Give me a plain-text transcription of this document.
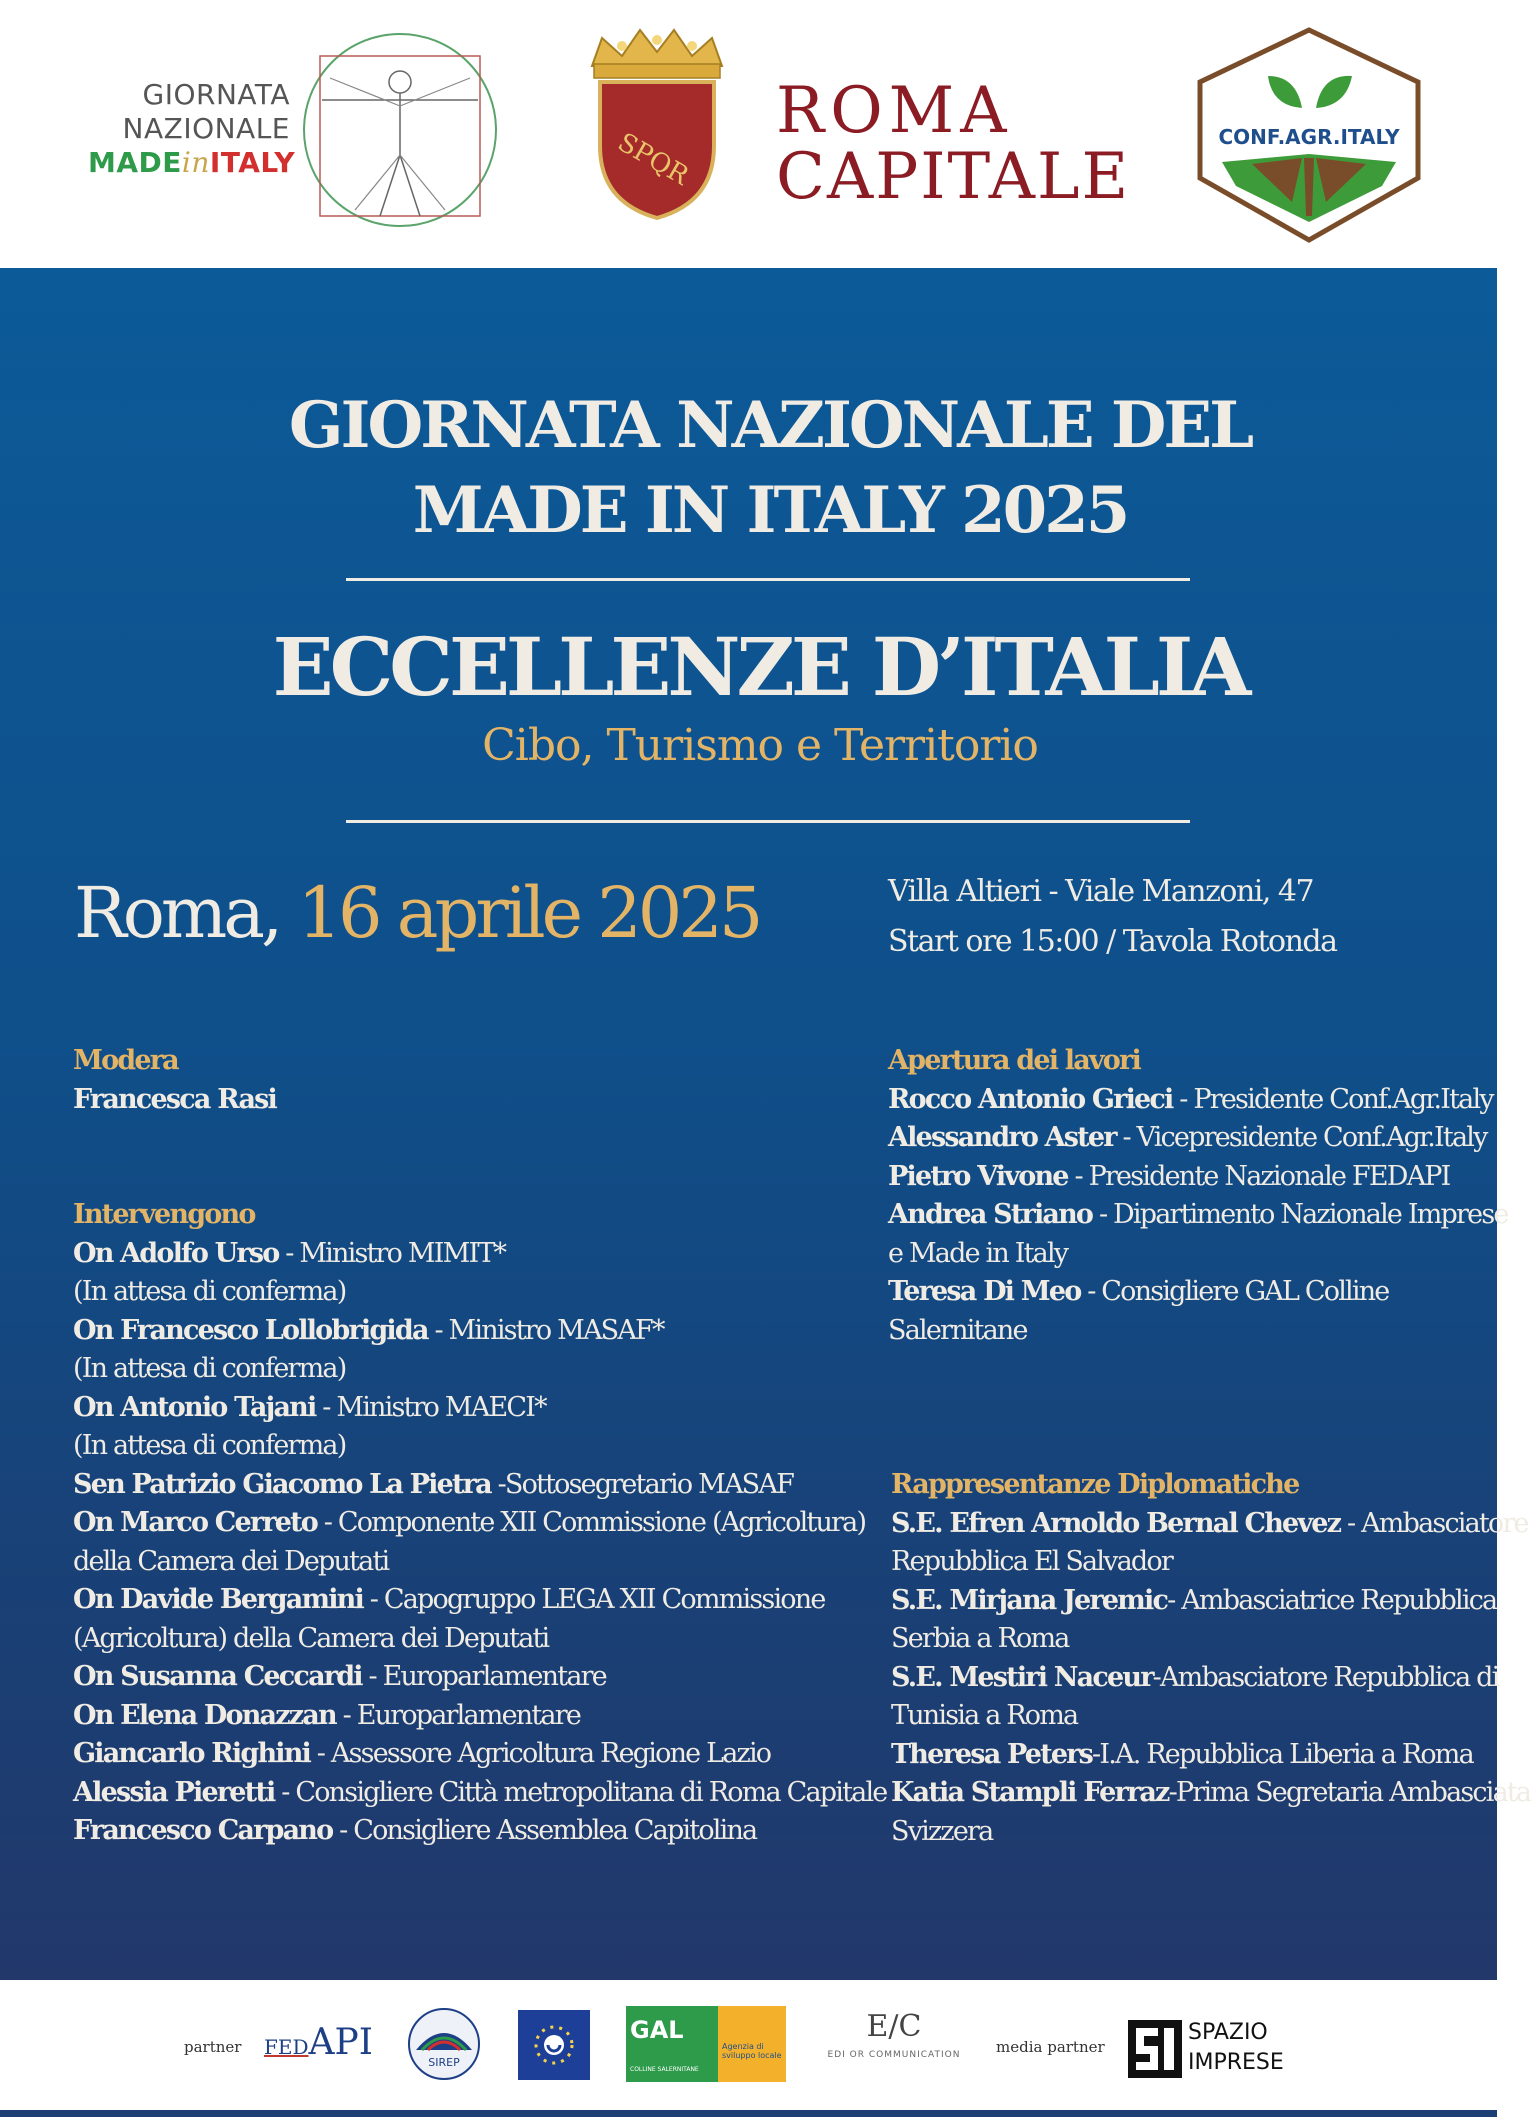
GIORNATA
NAZIONALE
MADEinITALY	SPQR
ROMA
CAPITALE
CONF.AGR.ITALY
GIORNATA NAZIONALE DEL
MADE IN ITALY 2025
ECCELLENZE D’ITALIA
Cibo, Turismo e Territorio
Roma, 16 aprile 2025	Villa Altieri - Viale Manzoni, 47
Start ore 15:00 / Tavola Rotonda
Modera
Francesca Rasi
Intervengono
On Adolfo Urso - Ministro MIMIT*
(In attesa di conferma)
On Francesco Lollobrigida - Ministro MASAF*
(In attesa di conferma)
On Antonio Tajani - Ministro MAECI*
(In attesa di conferma)
Sen Patrizio Giacomo La Pietra -Sottosegretario MASAF
On Marco Cerreto - Componente XII Commissione (Agricoltura)
della Camera dei Deputati
On Davide Bergamini - Capogruppo LEGA XII Commissione
(Agricoltura) della Camera dei Deputati
On Susanna Ceccardi - Europarlamentare
On Elena Donazzan - Europarlamentare
Giancarlo Righini - Assessore Agricoltura Regione Lazio
Alessia Pieretti - Consigliere Città metropolitana di Roma Capitale
Francesco Carpano - Consigliere Assemblea Capitolina
Apertura dei lavori
Rocco Antonio Grieci - Presidente Conf.Agr.Italy
Alessandro Aster - Vicepresidente Conf.Agr.Italy
Pietro Vivone - Presidente Nazionale FEDAPI
Andrea Striano - Dipartimento Nazionale Imprese
e Made in Italy
Teresa Di Meo - Consigliere GAL Colline
Salernitane
Rappresentanze Diplomatiche
S.E. Efren Arnoldo Bernal Chevez - Ambasciatore
Repubblica El Salvador
S.E. Mirjana Jeremic- Ambasciatrice Repubblica
Serbia a Roma
S.E. Mestiri Naceur-Ambasciatore Repubblica di
Tunisia a Roma
Theresa Peters-I.A. Repubblica Liberia a Roma
Katia Stampli Ferraz-Prima Segretaria Ambasciata
Svizzera
partner FEDAPI	SIREP
GAL
COLLINE SALERNITANE
Agenzia di sviluppo locale
E/C
EDI OR COMMUNICATION media partner
SPAZIO
IMPRESE
